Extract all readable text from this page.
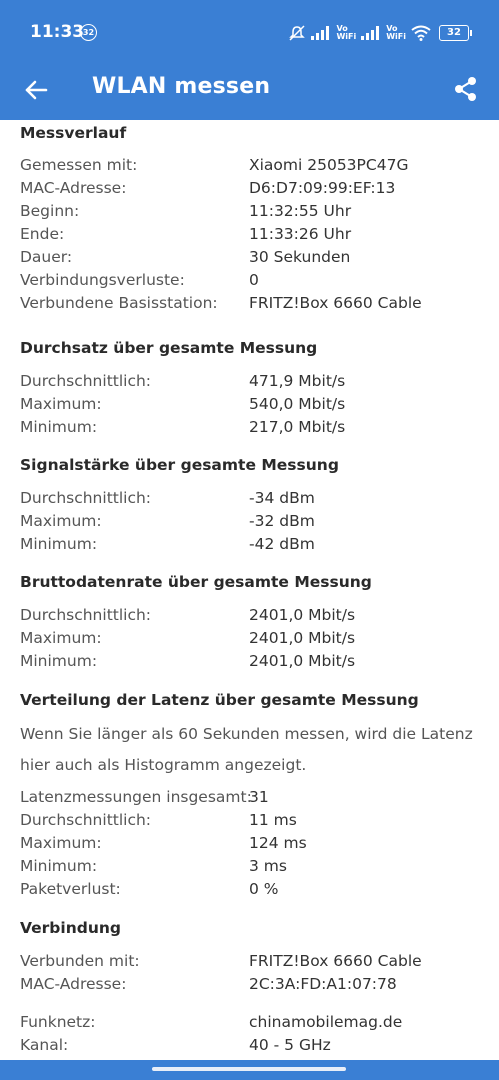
11:33
32	Vo
WiFi
Vo
WiFi	32
WLAN messen
Messverlauf
Gemessen mit:	Xiaomi 25053PC47G
MAC-Adresse:	D6:D7:09:99:EF:13
Beginn:	11:32:55 Uhr
Ende:	11:33:26 Uhr
Dauer:	30 Sekunden
Verbindungsverluste:	0
Verbundene Basisstation: FRITZ!Box 6660 Cable
Durchsatz über gesamte Messung
Durchschnittlich:	471,9 Mbit/s
Maximum:	540,0 Mbit/s
Minimum:	217,0 Mbit/s
Signalstärke über gesamte Messung
Durchschnittlich:	-34 dBm
Maximum:	-32 dBm
Minimum:	-42 dBm
Bruttodatenrate über gesamte Messung
Durchschnittlich:	2401,0 Mbit/s
Maximum:	2401,0 Mbit/s
Minimum:	2401,0 Mbit/s
Verteilung der Latenz über gesamte Messung
Wenn Sie länger als 60 Sekunden messen, wird die Latenz
hier auch als Histogramm angezeigt.
Latenzmessungen insgesamt:
31
Durchschnittlich:	11 ms
Maximum:	124 ms
Minimum:	3 ms
Paketverlust:	0 %
Verbindung
Verbunden mit:	FRITZ!Box 6660 Cable
MAC-Adresse:	2C:3A:FD:A1:07:78
Funknetz:	chinamobilemag.de
Kanal:	40 - 5 GHz
